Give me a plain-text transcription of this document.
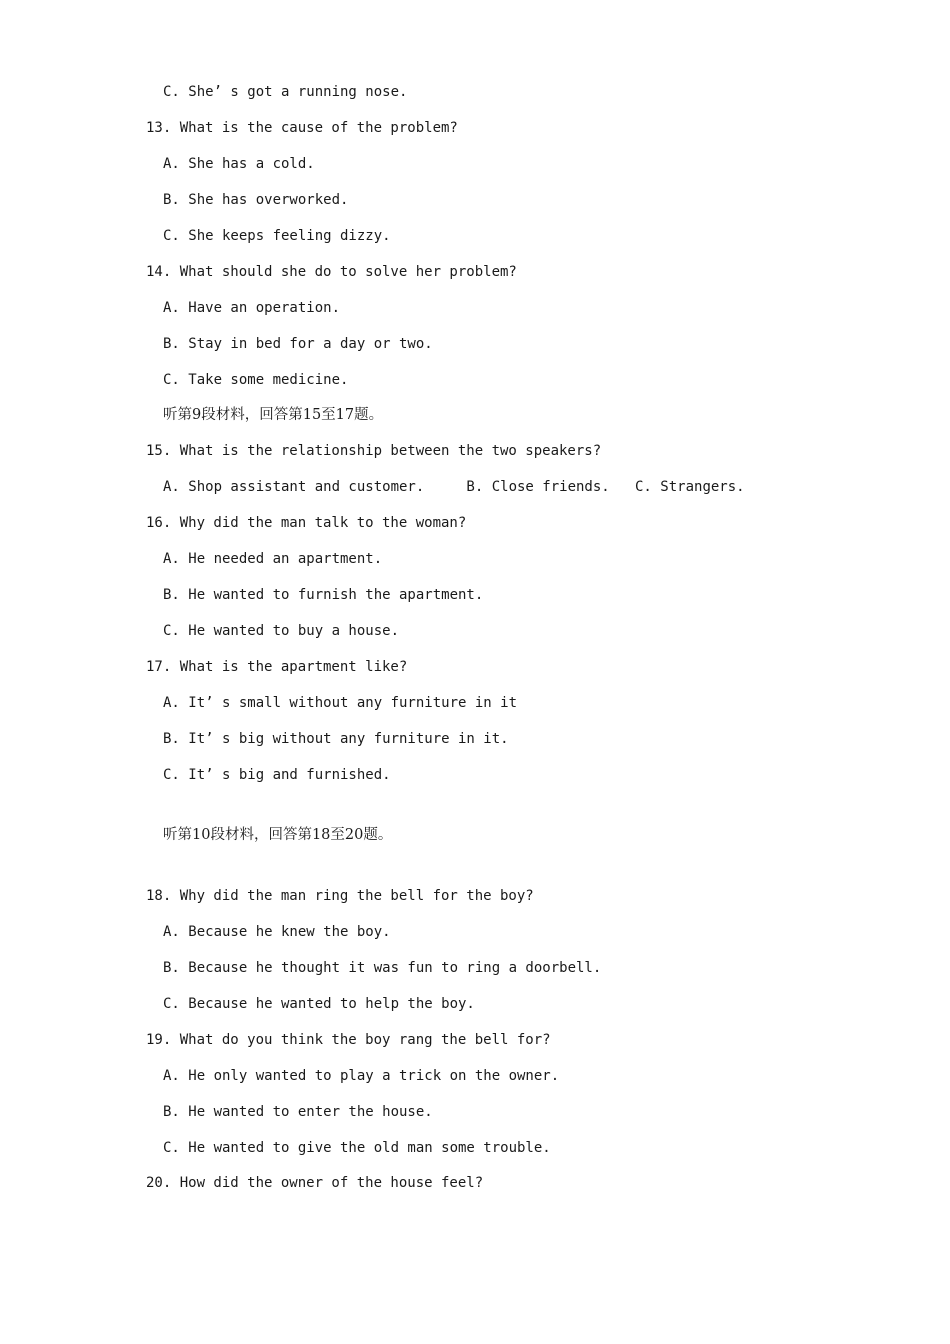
C. She’ s got a running nose.
13. What is the cause of the problem?
A. She has a cold.
B. She has overworked.
C. She keeps feeling dizzy.
14. What should she do to solve her problem?
A. Have an operation.
B. Stay in bed for a day or two.
C. Take some medicine.
听第9段材料，回答第15至17题。
15. What is the relationship between the two speakers?
A. Shop assistant and customer.     B. Close friends.   C. Strangers.
16. Why did the man talk to the woman?
A. He needed an apartment.
B. He wanted to furnish the apartment.
C. He wanted to buy a house.
17. What is the apartment like?
A. It’ s small without any furniture in it
B. It’ s big without any furniture in it.
C. It’ s big and furnished.
听第10段材料，回答第18至20题。
18. Why did the man ring the bell for the boy?
A. Because he knew the boy.
B. Because he thought it was fun to ring a doorbell.
C. Because he wanted to help the boy.
19. What do you think the boy rang the bell for?
A. He only wanted to play a trick on the owner.
B. He wanted to enter the house.
C. He wanted to give the old man some trouble.
20. How did the owner of the house feel?
